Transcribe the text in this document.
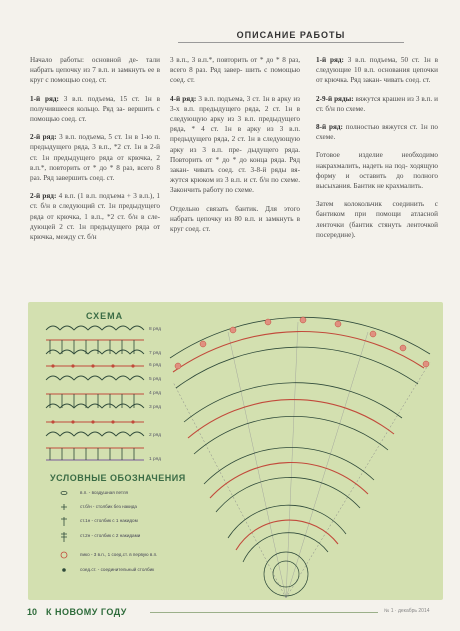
ОПИСАНИЕ РАБОТЫ

Начало работы: основной де- тали набрать цепочку из 7 в.п. и замкнуть ее в круг с помощью соед. ст.

1-й ряд: 3 в.п. подъема, 15 ст. 1н в получившееся кольцо. Ряд за- вершить с помощью соед. ст.

2-й ряд: 3 в.п. подъема, 5 ст. 1н в 1-ю п. предыдущего ряда, 3 в.п., *2 ст. 1н в 2-й ст. 1н предыдущего ряда от крючка, 2 в.п.*, повторить от * до * 8 раз, всего 8 раз. Ряд завершить соед. ст.

2-й ряд: 4 в.п. (1 в.п. подъема + 3 в.п.), 1 ст. б/н в следующий ст. 1н предыдущего ряда от крючка, 1 в.п., *2 ст. б/н в сле- дующей 2 ст. 1н предыдущего ряда от крючка, между ст. б/н

3 в.п., 3 в.п.*, повторить от * до * 8 раз, всего 8 раз. Ряд завер- шить с помощью соед. ст.

4-й ряд: 3 в.п. подъема, 3 ст. 1н в арку из 3-х в.п. предыдущего ряда, 2 ст. 1н в следующую арку из 3 в.п. предыдущего ряда, * 4 ст. 1н в арку из 3 в.п. предыдущего ряда, 2 ст. 1н в следующую арку из 3 в.п. пре- дыдущего ряда. Повторить от * до * до конца ряда. Ряд закан- чивать соед. ст. 3-8-й ряды вя- жутся крюком из 3 в.п. и ст. б/н по схеме. Закончить работу по схеме.

Отдельно связать бантик. Для этого набрать цепочку из 80 в.п. и замкнуть в круг соед. ст.

1-й ряд: 3 в.п. подъема, 50 ст. 1н в следующие 10 в.п. основания цепочки от крючка. Ряд закан- чивать соед. ст.

2-9-й ряды: вяжутся крашен из 3 в.п. и ст. б/н по схеме.

8-й ряд: полностью вяжутся ст. 1н по схеме.

Готовое изделие необходимо накрахмалить, надеть на под- ходящую форму и оставить до полного высыхания. Бантик не крахмалить.

Затем колокольчик соединить с бантиком при помощи атласной ленточки (бантик стянуть ленточкой посередине).

СХЕМА
8 ряд
7 ряд
6 ряд
5 ряд
4 ряд
3 ряд
2 ряд
1 ряд
УСЛОВНЫЕ ОБОЗНАЧЕНИЯ
в.п. - воздушная петля
ст.б/н - столбик без накида
ст.1н - столбик с 1 накидом
ст.2н - столбик с 2 накидами
пико - 3 в.п., 1 соед.ст. в первую в.п.
соед.ст. - соединительный столбик
10 К НОВОМУ ГОДУ	№ 1 · декабрь 2014
